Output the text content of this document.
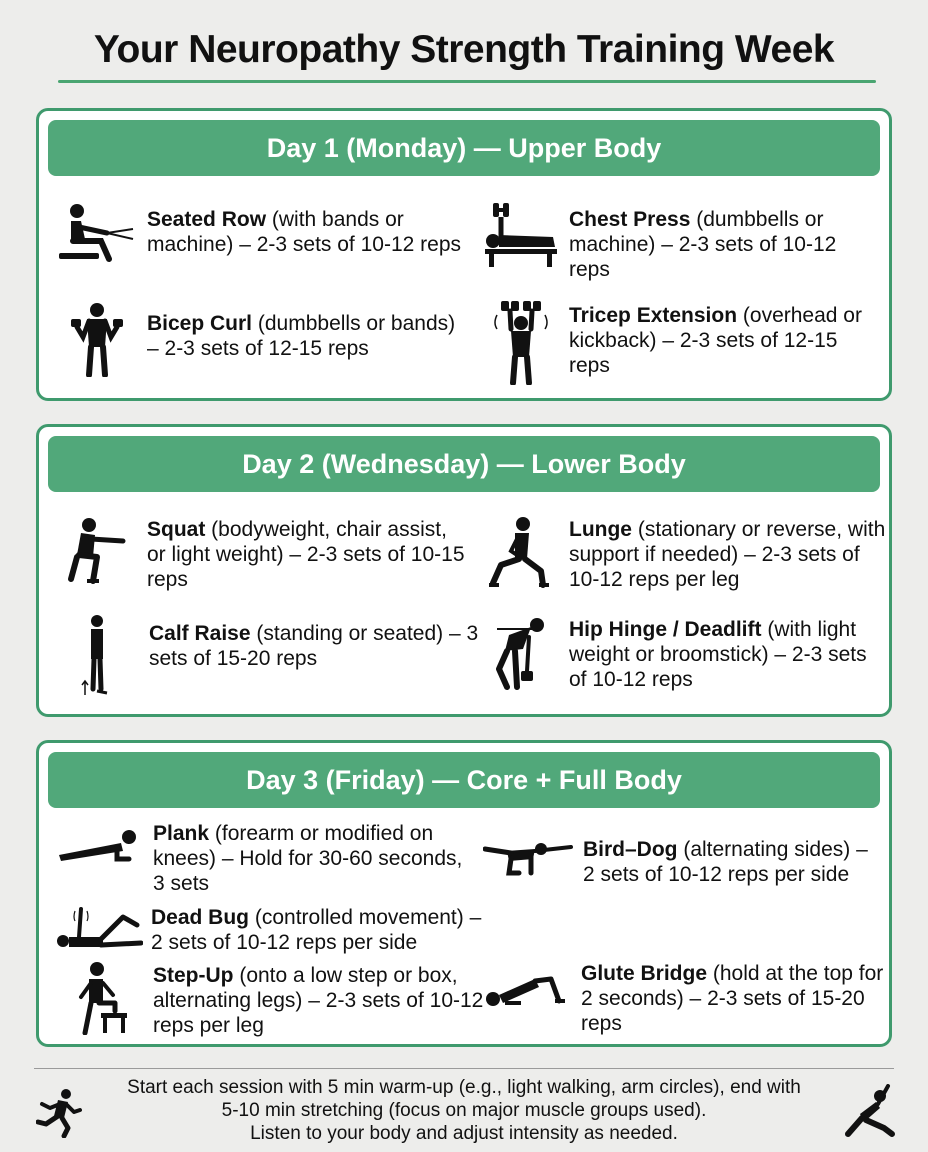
Your Neuropathy Strength Training Week
Day 1 (Monday) — Upper Body
Seated Row (with bands or machine) – 2-3 sets of 10-12 reps
Chest Press (dumbbells or machine) – 2-3 sets of 10-12 reps
Bicep Curl (dumbbells or bands) – 2-3 sets of 12-15 reps
Tricep Extension (overhead or kickback) – 2-3 sets of 12-15 reps
Day 2 (Wednesday) — Lower Body
Squat (bodyweight, chair assist, or light weight) – 2-3 sets of 10-15 reps
Lunge (stationary or reverse, with support if needed) – 2-3 sets of 10-12 reps per leg
Calf Raise (standing or seated) – 3 sets of 15-20 reps
Hip Hinge / Deadlift (with light weight or broomstick) – 2-3 sets of 10-12 reps
Day 3 (Friday) — Core + Full Body
Plank (forearm or modified on knees) – Hold for 30-60 seconds, 3 sets
Bird–Dog (alternating sides) – 2 sets of 10-12 reps per side
Dead Bug (controlled movement) – 2 sets of 10-12 reps per side
Step-Up (onto a low step or box, alternating legs) – 2-3 sets of 10-12 reps per leg
Glute Bridge (hold at the top for 2 seconds) – 2-3 sets of 15-20 reps
Start each session with 5 min warm-up (e.g., light walking, arm circles), end with
5-10 min stretching (focus on major muscle groups used).
Listen to your body and adjust intensity as needed.
